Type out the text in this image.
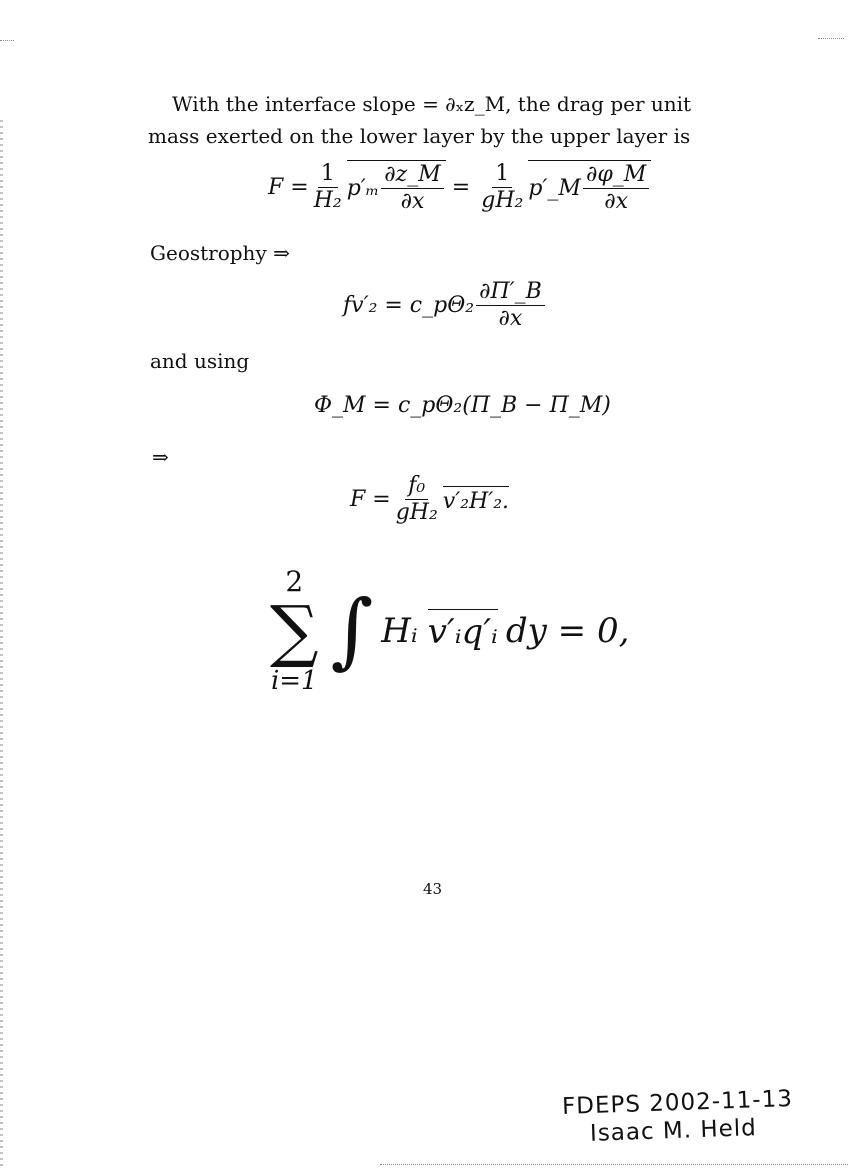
With the interface slope = ∂ₓz_M, the drag per unit
mass exerted on the lower layer by the upper layer is
$F = \frac{1}{\text{H₂}} p'_m \frac{\partial z\_M}{\partial x} = \frac{1}{\text{gH₂}}$ p′_M $\frac{\partial\varphi\_M}{\partial x}$
Geostrophy ⇒
fv′₂ = c_pΘ₂ $\frac{\partial\Pi'\_B}{\partial x}$
and using
Φ_M = c_pΘ₂(Π_B − Π_M)
⇒
$F = \frac{\text{f₀}}{\text{gH₂}} v'_2H'_2$.
2
∑
i=1
∫ Hᵢ v′ᵢq′ᵢ dy = 0,
43
FDEPS 2002-11-13
Isaac M. Held
